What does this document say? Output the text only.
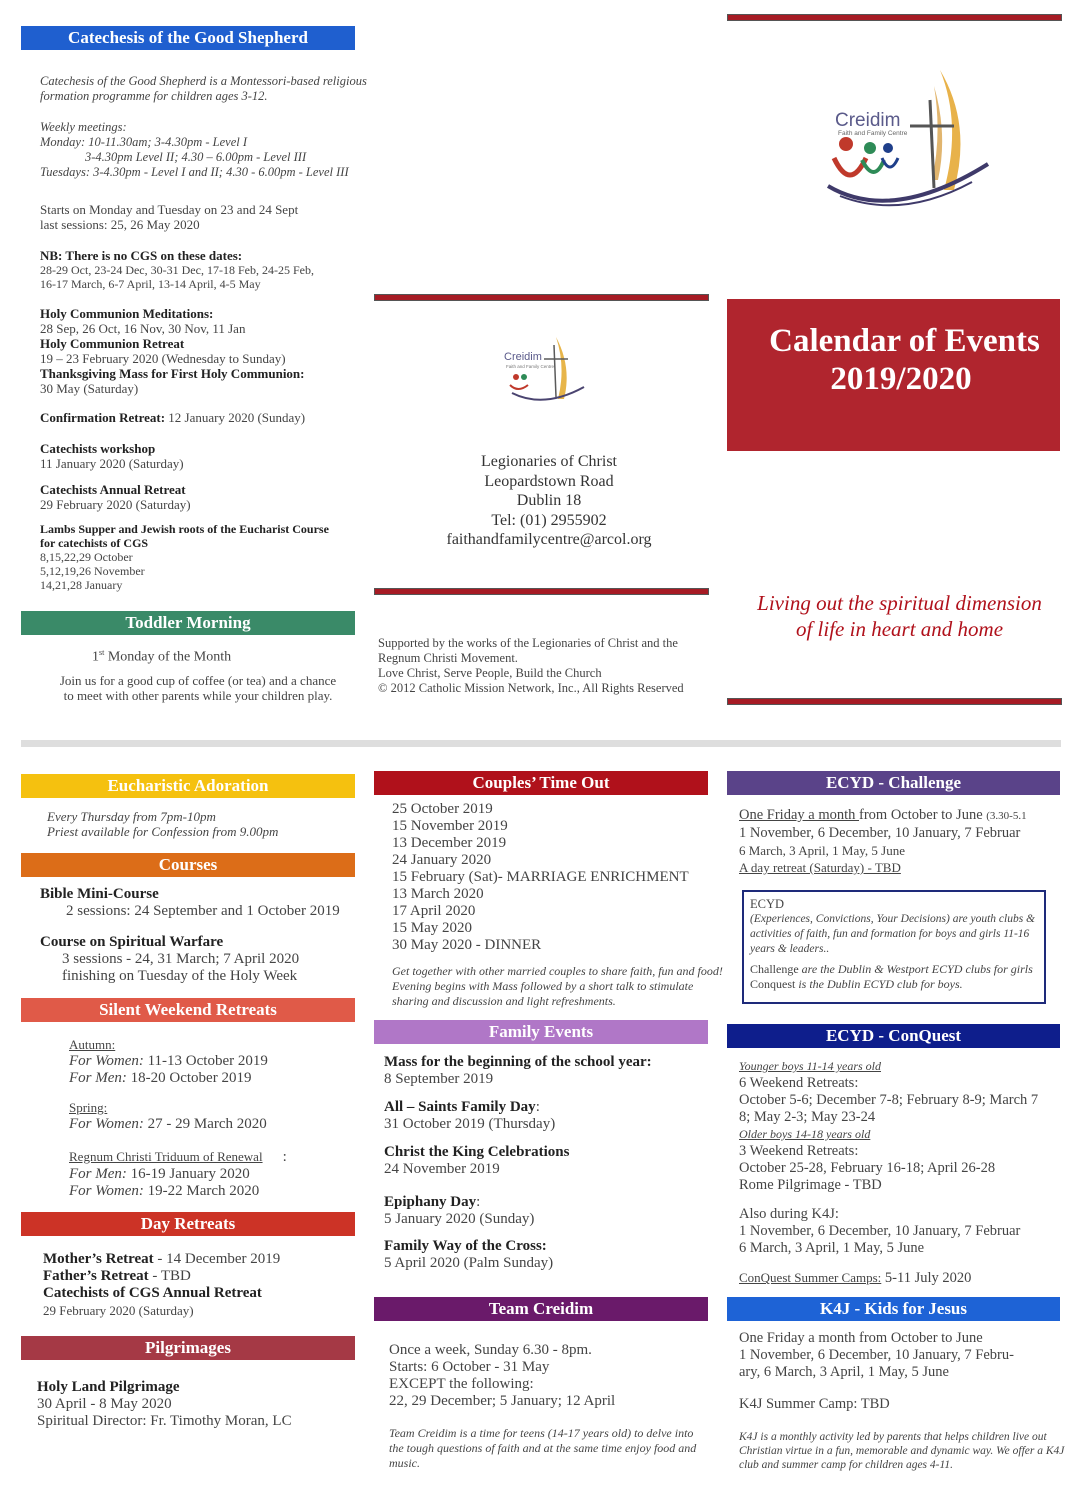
Catechesis of the Good Shepherd
Catechesis of the Good Shepherd is a Montessori-based religious
formation programme for children ages 3-12.
Weekly meetings:
Monday: 10-11.30am; 3-4.30pm - Level I
3-4.30pm Level II; 4.30 – 6.00pm - Level III
Tuesdays: 3-4.30pm - Level I and II; 4.30 - 6.00pm - Level III
Starts on Monday and Tuesday on 23 and 24 Sept
last sessions: 25, 26 May 2020
NB: There is no CGS on these dates:
28-29 Oct, 23-24 Dec, 30-31 Dec, 17-18 Feb, 24-25 Feb,
16-17 March, 6-7 April, 13-14 April, 4-5 May
Holy Communion Meditations:
28 Sep, 26 Oct, 16 Nov, 30 Nov, 11 Jan
Holy Communion Retreat
19 – 23 February 2020 (Wednesday to Sunday)
Thanksgiving Mass for First Holy Communion:
30 May (Saturday)
Confirmation Retreat: 12 January 2020 (Sunday)
Catechists workshop
11 January 2020 (Saturday)
Catechists Annual Retreat
29 February 2020 (Saturday)
Lambs Supper and Jewish roots of the Eucharist Course
for catechists of CGS
8,15,22,29 October
5,12,19,26 November
14,21,28 January
Toddler Morning
1st Monday of the Month
Join us for a good cup of coffee (or tea) and a chance
to meet with other parents while your children play.
Creidim
Faith and Family Centre
Legionaries of Christ
Leopardstown Road
Dublin 18
Tel: (01) 2955902
faithandfamilycentre@arcol.org
Supported by the works of the Legionaries of Christ and the
Regnum Christi Movement.
Love Christ, Serve People, Build the Church
© 2012 Catholic Mission Network, Inc., All Rights Reserved
Creidim
Faith and Family Centre
Calendar of Events
2019/2020
Living out the spiritual dimension
of life in heart and home
Eucharistic Adoration
Every Thursday from 7pm-10pm
Priest available for Confession from 9.00pm
Courses
Bible Mini-Course
2 sessions: 24 September and 1 October 2019
Course on Spiritual Warfare
3 sessions - 24, 31 March; 7 April 2020
finishing on Tuesday of the Holy Week
Silent Weekend Retreats
Autumn:
For Women: 11-13 October 2019
For Men: 18-20 October 2019
Spring:
For Women: 27 - 29 March 2020
Regnum Christi Triduum of Renewal :
For Men: 16-19 January 2020
For Women: 19-22 March 2020
Day Retreats
Mother’s Retreat - 14 December 2019
Father’s Retreat - TBD
Catechists of CGS Annual Retreat
29 February 2020 (Saturday)
Pilgrimages
Holy Land Pilgrimage
30 April - 8 May 2020
Spiritual Director: Fr. Timothy Moran, LC
Couples’ Time Out
25 October 2019
15 November 2019
13 December 2019
24 January 2020
15 February (Sat)- MARRIAGE ENRICHMENT
13 March 2020
17 April 2020
15 May 2020
30 May 2020 - DINNER
Get together with other married couples to share faith, fun and food!
Evening begins with Mass followed by a short talk to stimulate
sharing and discussion and light refreshments.
Family Events
Mass for the beginning of the school year:
8 September 2019
All – Saints Family Day:
31 October 2019 (Thursday)
Christ the King Celebrations
24 November 2019
Epiphany Day:
5 January 2020 (Sunday)
Family Way of the Cross:
5 April 2020 (Palm Sunday)
Team Creidim
Once a week, Sunday 6.30 - 8pm.
Starts: 6 October - 31 May
EXCEPT the following:
22, 29 December; 5 January; 12 April
Team Creidim is a time for teens (14-17 years old) to delve into
the tough questions of faith and at the same time enjoy food and
music.
ECYD - Challenge
One Friday a month from October to June (3.30-5.1
1 November, 6 December, 10 January, 7 Februar
6 March, 3 April, 1 May, 5 June
A day retreat (Saturday) - TBD
ECYD
(Experiences, Convictions, Your Decisions) are youth clubs &
activities of faith, fun and formation for boys and girls 11-16
years & leaders..
Challenge are the Dublin & Westport ECYD clubs for girls
Conquest is the Dublin ECYD club for boys.
ECYD - ConQuest
Younger boys 11-14 years old
6 Weekend Retreats:
October 5-6; December 7-8; February 8-9; March 7
8; May 2-3; May 23-24
Older boys 14-18 years old
3 Weekend Retreats:
October 25-28, February 16-18; April 26-28
Rome Pilgrimage - TBD
Also during K4J:
1 November, 6 December, 10 January, 7 Februar
6 March, 3 April, 1 May, 5 June
ConQuest Summer Camps: 5-11 July 2020
K4J - Kids for Jesus
One Friday a month from October to June
1 November, 6 December, 10 January, 7 Febru-
ary, 6 March, 3 April, 1 May, 5 June
K4J Summer Camp: TBD
K4J is a monthly activity led by parents that helps children live out
Christian virtue in a fun, memorable and dynamic way. We offer a K4J
club and summer camp for children ages 4-11.
